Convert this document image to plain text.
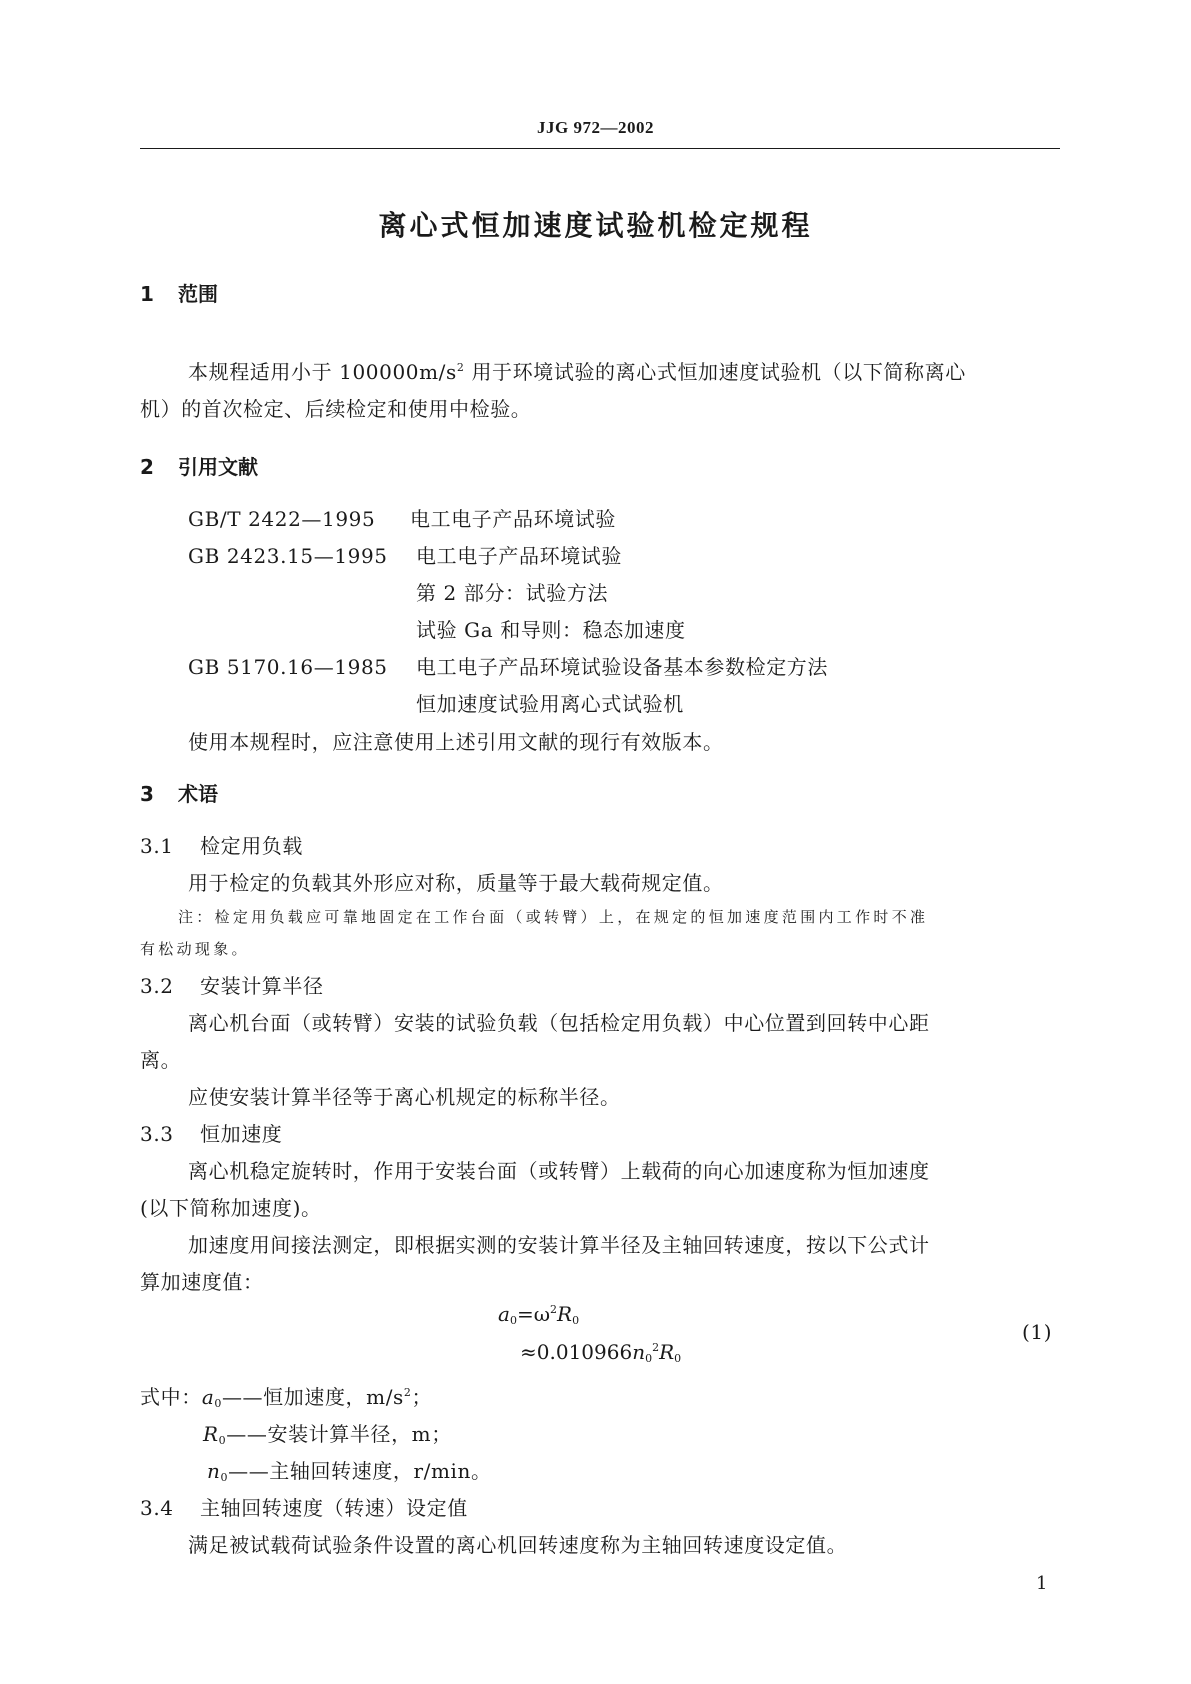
JJG 972—2002
离心式恒加速度试验机检定规程
1 范围
本规程适用小于 $100000m/s^2$ 用于环境试验的离心式恒加速度试验机（以下简称离心
机）的首次检定、后续检定和使用中检验。
2 引用文献
GB/T 2422—1995 电工电子产品环境试验
GB 2423.15—1995 电工电子产品环境试验
第 2 部分：试验方法
试验 Ga 和导则：稳态加速度
GB 5170.16—1985 电工电子产品环境试验设备基本参数检定方法
恒加速度试验用离心式试验机
使用本规程时，应注意使用上述引用文献的现行有效版本。
3 术语
3.1 检定用负载
用于检定的负载其外形应对称，质量等于最大载荷规定值。
注：检定用负载应可靠地固定在工作台面（或转臂）上，在规定的恒加速度范围内工作时不准
有松动现象。
3.2 安装计算半径
离心机台面（或转臂）安装的试验负载（包括检定用负载）中心位置到回转中心距
离。
应使安装计算半径等于离心机规定的标称半径。
3.3 恒加速度
离心机稳定旋转时，作用于安装台面（或转臂）上载荷的向心加速度称为恒加速度
(以下简称加速度)。
加速度用间接法测定，即根据实测的安装计算半径及主轴回转速度，按以下公式计
算加速度值：
$a_0=\omega^2R_0$
$\approx 0.010966n_0^2R_0$
(1)
式中：$a_0——$恒加速度，$m/s^2$；
$R_0——$安装计算半径，m；
$n_0——$主轴回转速度，r/min。
3.4 主轴回转速度（转速）设定值
满足被试载荷试验条件设置的离心机回转速度称为主轴回转速度设定值。
1
